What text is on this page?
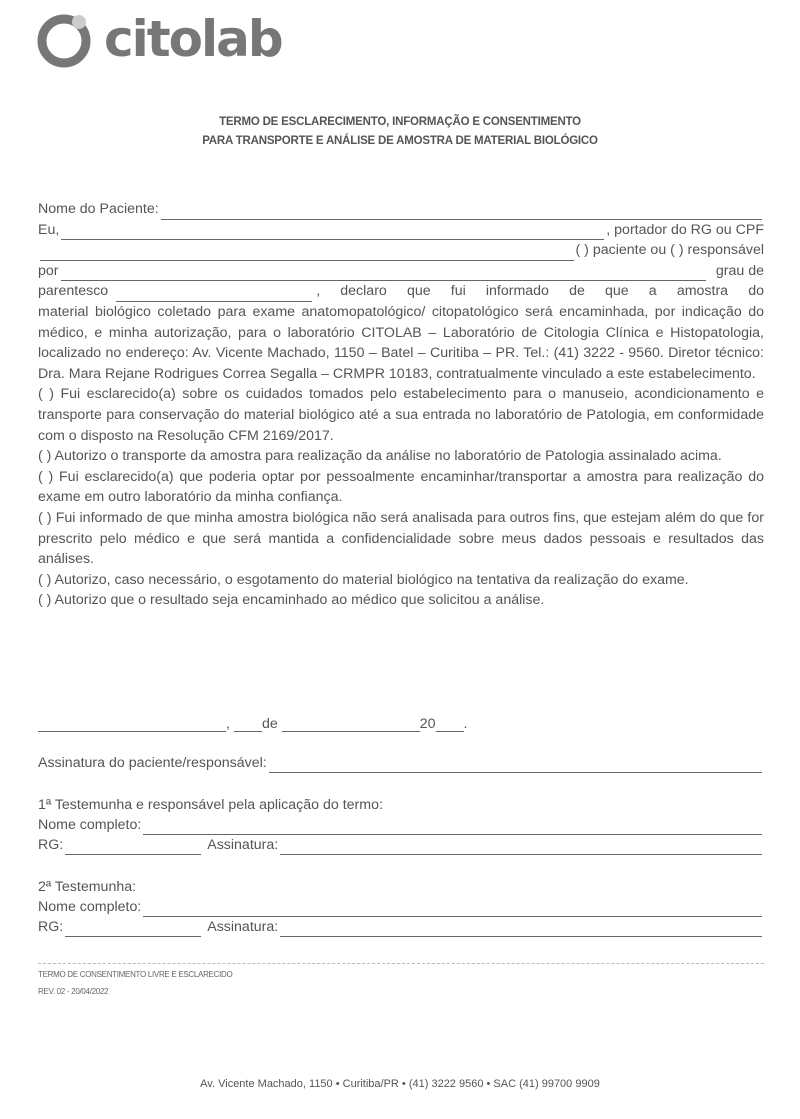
citolab
TERMO DE ESCLARECIMENTO, INFORMAÇÃO E CONSENTIMENTO
PARA TRANSPORTE E ANÁLISE DE AMOSTRA DE MATERIAL BIOLÓGICO
Nome do Paciente:
Eu,	, portador do RG ou CPF
( ) paciente ou ( ) responsável
por	grau de
parentesco	, declaro que fui informado de que a amostra do

material biológico coletado para exame anatomopatológico/ citopatológico será encaminhada, por indicação do médico, e minha autorização, para o laboratório CITOLAB – Laboratório de Citologia Clínica e Histopatologia, localizado no endereço: Av. Vicente Machado, 1150 – Batel – Curitiba – PR. Tel.: (41) 3222 - 9560. Diretor técnico: Dra. Mara Rejane Rodrigues Correa Segalla – CRMPR 10183, contratualmente vinculado a este estabelecimento.

( ) Fui esclarecido(a) sobre os cuidados tomados pelo estabelecimento para o manuseio, acondicionamento e transporte para conservação do material biológico até a sua entrada no laboratório de Patologia, em conformidade com o disposto na Resolução CFM 2169/2017.

( ) Autorizo o transporte da amostra para realização da análise no laboratório de Patologia assinalado acima.

( ) Fui esclarecido(a) que poderia optar por pessoalmente encaminhar/transportar a amostra para realização do exame em outro laboratório da minha confiança.

( ) Fui informado de que minha amostra biológica não será analisada para outros fins, que estejam além do que for prescrito pelo médico e que será mantida a confidencialidade sobre meus dados pessoais e resultados das análises.

( ) Autorizo, caso necessário, o esgotamento do material biológico na tentativa da realização do exame.

( ) Autorizo que o resultado seja encaminhado ao médico que solicitou a análise.

, de	20 .
Assinatura do paciente/responsável:
1ª Testemunha e responsável pela aplicação do termo:
Nome completo:
RG:	Assinatura:
2ª Testemunha:
Nome completo:
RG:	Assinatura:
TERMO DE CONSENTIMENTO LIVRE E ESCLARECIDO
REV. 02 - 20/04/2022
Av. Vicente Machado, 1150 • Curitiba/PR • (41) 3222 9560 • SAC (41) 99700 9909
